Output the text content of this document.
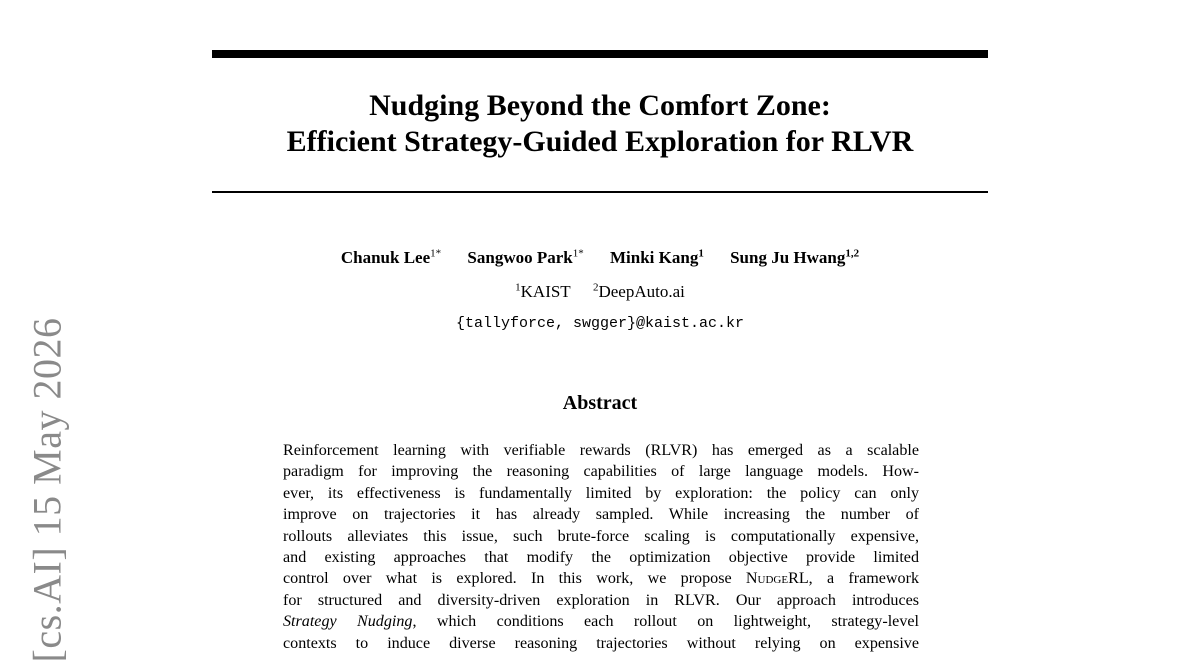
Nudging Beyond the Comfort Zone:
Efficient Strategy-Guided Exploration for RLVR
Chanuk Lee$^{1*}$ Sangwoo Park$^{1*}$ Minki Kang$^1$ Sung Ju Hwang$^{1,2}$
$^1$KAIST $^2$DeepAuto.ai
{tallyforce, swgger}@kaist.ac.kr
Abstract
Reinforcement learning with verifiable rewards (RLVR) has emerged as a scalable
paradigm for improving the reasoning capabilities of large language models. How-
ever, its effectiveness is fundamentally limited by exploration: the policy can only
improve on trajectories it has already sampled. While increasing the number of
rollouts alleviates this issue, such brute-force scaling is computationally expensive,
and existing approaches that modify the optimization objective provide limited
control over what is explored. In this work, we propose NudgeRL, a framework
for structured and diversity-driven exploration in RLVR. Our approach introduces
Strategy Nudging, which conditions each rollout on lightweight, strategy-level
contexts to induce diverse reasoning trajectories without relying on expensive
[cs.AI] 15 May 2026
